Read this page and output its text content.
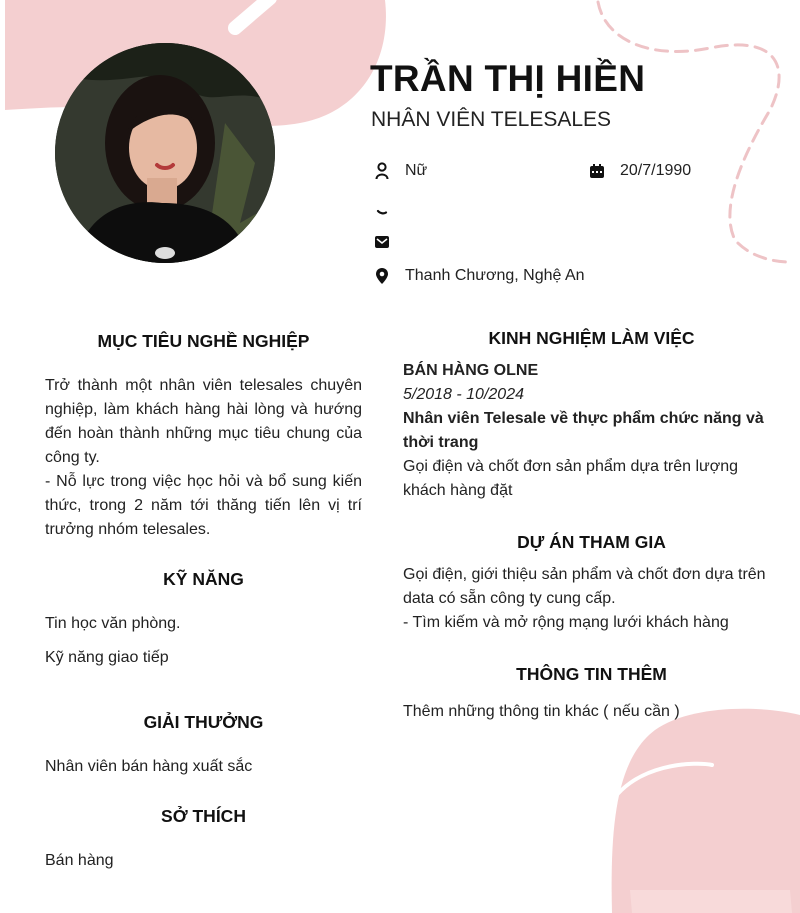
TRẦN THỊ HIỀN
NHÂN VIÊN TELESALES
Nữ	20/7/1990
Thanh Chương, Nghệ An
MỤC TIÊU NGHỀ NGHIỆP
Trở thành một nhân viên telesales chuyên nghiệp, làm khách hàng hài lòng và hướng đến hoàn thành những mục tiêu chung của công ty.
- Nỗ lực trong việc học hỏi và bổ sung kiến thức, trong 2 năm tới thăng tiến lên vị trí trưởng nhóm telesales.
KỸ NĂNG
Tin học văn phòng.
Kỹ năng giao tiếp
GIẢI THƯỞNG
Nhân viên bán hàng xuất sắc
SỞ THÍCH
Bán hàng
KINH NGHIỆM LÀM VIỆC
BÁN HÀNG OLNE
5/2018 - 10/2024
Nhân viên Telesale về thực phẩm chức năng và thời trang
Gọi điện và chốt đơn sản phẩm dựa trên lượng khách hàng đặt
DỰ ÁN THAM GIA
Gọi điện, giới thiệu sản phẩm và chốt đơn dựa trên data có sẵn công ty cung cấp.
- Tìm kiếm và mở rộng mạng lưới khách hàng
THÔNG TIN THÊM
Thêm những thông tin khác ( nếu cần )
